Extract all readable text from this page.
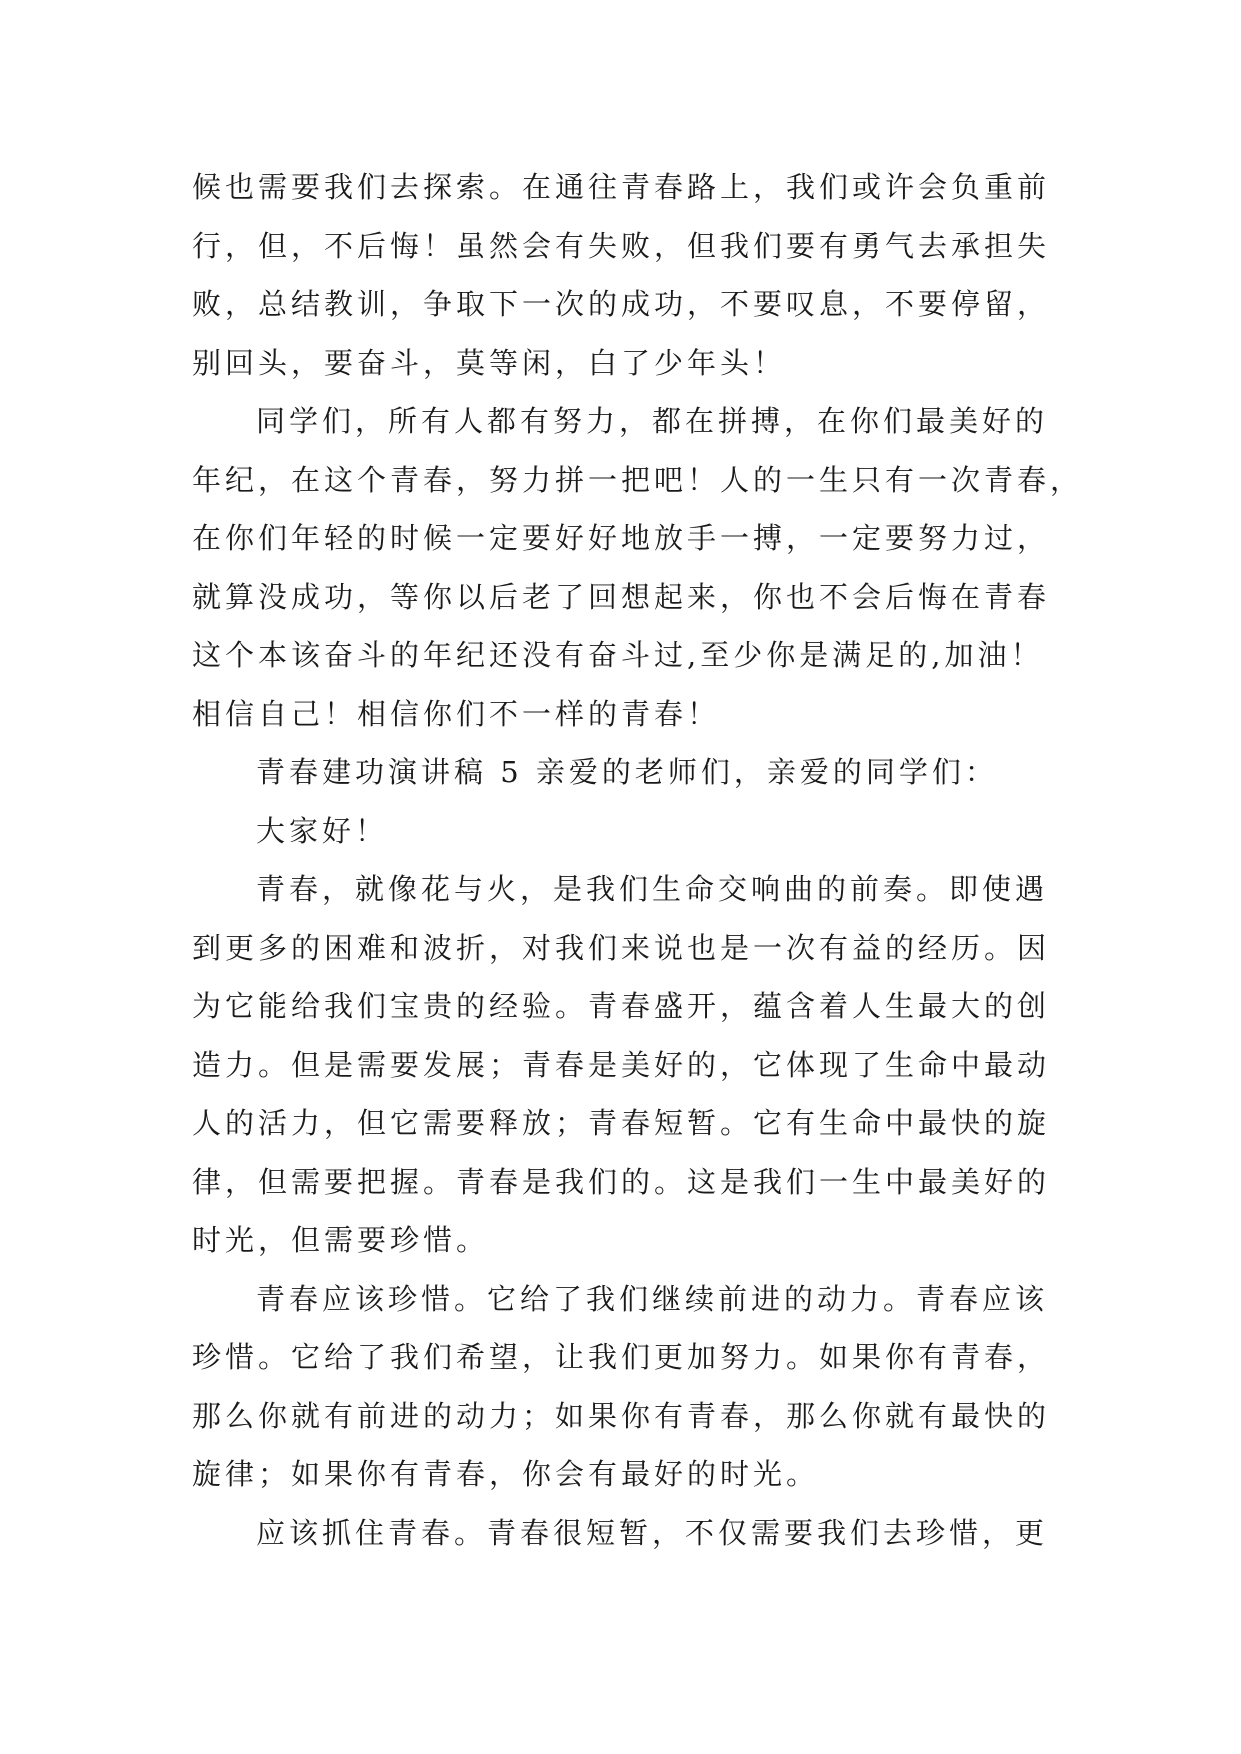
候也需要我们去探索。在通往青春路上，我们或许会负重前
行，但，不后悔！虽然会有失败，但我们要有勇气去承担失
败，总结教训，争取下一次的成功，不要叹息，不要停留，
别回头，要奋斗，莫等闲，白了少年头！
同学们，所有人都有努力，都在拼搏，在你们最美好的
年纪，在这个青春，努力拼一把吧！人的一生只有一次青春，
在你们年轻的时候一定要好好地放手一搏，一定要努力过，
就算没成功，等你以后老了回想起来，你也不会后悔在青春
这个本该奋斗的年纪还没有奋斗过,至少你是满足的,加油！
相信自己！相信你们不一样的青春！
青春建功演讲稿 5 亲爱的老师们，亲爱的同学们：
大家好！
青春，就像花与火，是我们生命交响曲的前奏。即使遇
到更多的困难和波折，对我们来说也是一次有益的经历。因
为它能给我们宝贵的经验。青春盛开，蕴含着人生最大的创
造力。但是需要发展；青春是美好的，它体现了生命中最动
人的活力，但它需要释放；青春短暂。它有生命中最快的旋
律，但需要把握。青春是我们的。这是我们一生中最美好的
时光，但需要珍惜。
青春应该珍惜。它给了我们继续前进的动力。青春应该
珍惜。它给了我们希望，让我们更加努力。如果你有青春，
那么你就有前进的动力；如果你有青春，那么你就有最快的
旋律；如果你有青春，你会有最好的时光。
应该抓住青春。青春很短暂，不仅需要我们去珍惜，更
